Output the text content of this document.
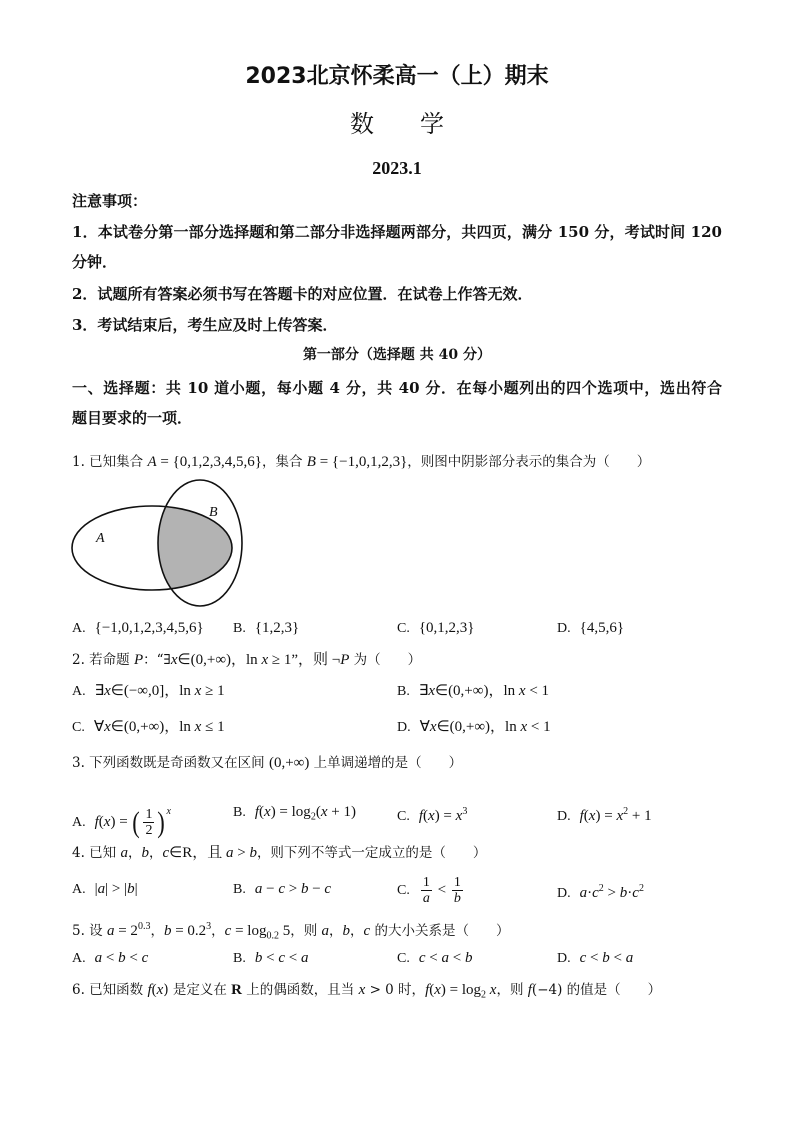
2023北京怀柔高一（上）期末
数学
2023.1
注意事项：
1．本试卷分第一部分选择题和第二部分非选择题两部分，共四页，满分 150 分，考试时间 120
分钟．
2．试题所有答案必须书写在答题卡的对应位置．在试卷上作答无效．
3．考试结束后，考生应及时上传答案．
第一部分（选择题 共 40 分）
一、选择题：共 10 道小题，每小题 4 分，共 40 分．在每小题列出的四个选项中，选出符合
题目要求的一项．
1. 已知集合 A = {0,1,2,3,4,5,6}，集合 B = {−1,0,1,2,3}，则图中阴影部分表示的集合为（　　）
A
B
A. {−1,0,1,2,3,4,5,6} B. {1,2,3}	C. {0,1,2,3}	D. {4,5,6}
2. 若命题 P：“∃x∈(0,+∞)，ln x ≥ 1”，则 ¬P 为（　　）
A. ∃x∈(−∞,0]，ln x ≥ 1	B. ∃x∈(0,+∞)，ln x < 1
C. ∀x∈(0,+∞)，ln x ≤ 1	D. ∀x∈(0,+∞)，ln x < 1
3. 下列函数既是奇函数又在区间 (0,+∞) 上单调递增的是（　　）
A. f(x) = ( $\frac{1}{2} )^x$	B. $f(x) = \log_2(x + 1)$	C. $f(x) = x^3$	D. $f(x) = x^2 + 1$
4. 已知 a，b，c∈R，且 a > b，则下列不等式一定成立的是（　　）
A. |a| > |b|	B. a − c > b − c	C. $\frac{1}{a} < \frac{1}{b}$	D. $a\cdot c^2 > b\cdot c^2$
5. 设 $a = 2^{0.3}$，$b = 0.2^3$，$c = \log_{0.2} 5$，则 a，b，c 的大小关系是（　　）
A. a < b < c	B. b < c < a	C. c < a < b	D. c < b < a
6. 已知函数 f(x) 是定义在 R 上的偶函数，且当 x > 0 时，$f(x) = \log_2 x$，则 f(−4) 的值是（　　）
